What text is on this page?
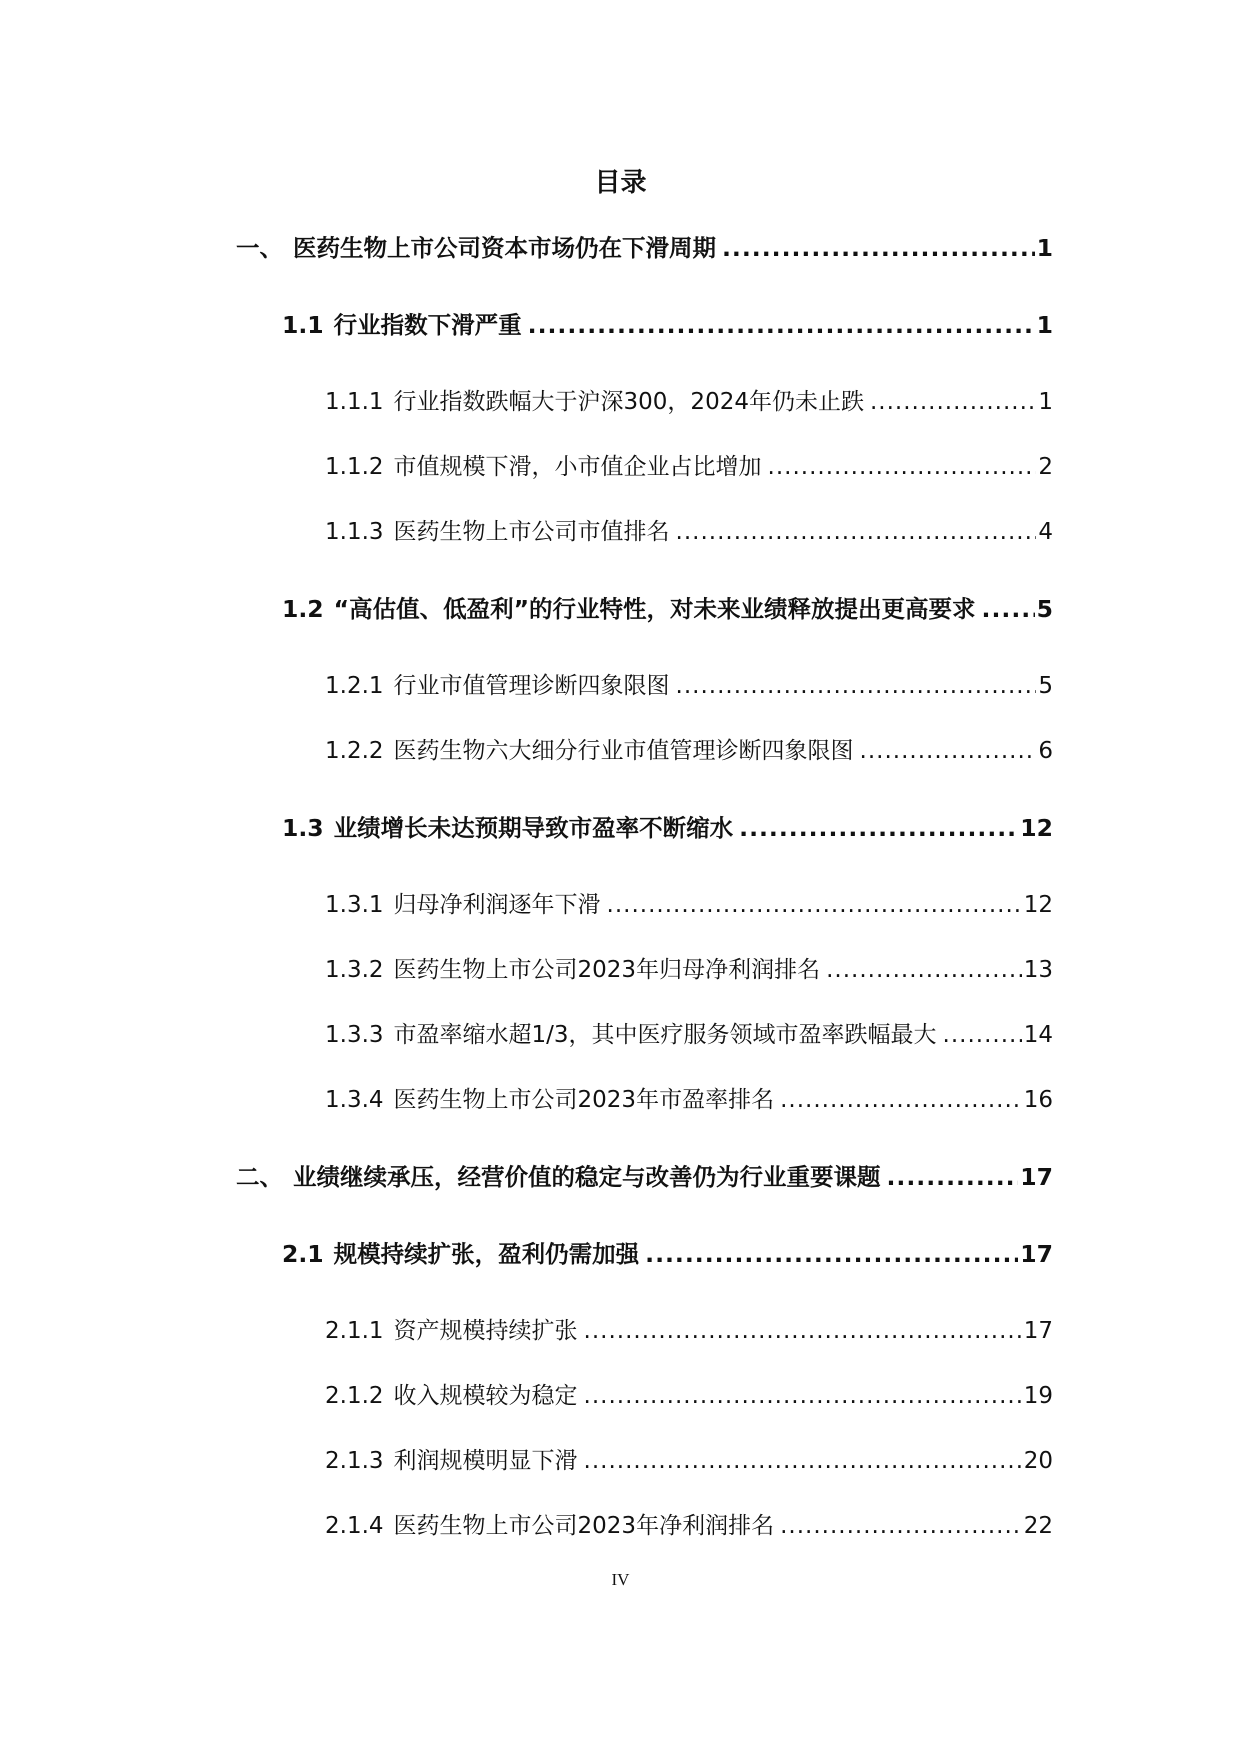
目录
一、 医药生物上市公司资本市场仍在下滑周期 .....	1
1.1 行业指数下滑严重 .....	1
1.1.1 行业指数跌幅大于沪深300，2024年仍未止跌 .....	1
1.1.2 市值规模下滑，小市值企业占比增加 .....	2
1.1.3 医药生物上市公司市值排名 .....	4
1.2 “高估值、低盈利”的行业特性，对未来业绩释放提出更高要求 .....	5
1.2.1 行业市值管理诊断四象限图 .....	5
1.2.2 医药生物六大细分行业市值管理诊断四象限图 .....	6
1.3 业绩增长未达预期导致市盈率不断缩水 .....	12
1.3.1 归母净利润逐年下滑 .....	12
1.3.2 医药生物上市公司2023年归母净利润排名 .....	13
1.3.3 市盈率缩水超1/3，其中医疗服务领域市盈率跌幅最大 .....	14
1.3.4 医药生物上市公司2023年市盈率排名 .....	16
二、 业绩继续承压，经营价值的稳定与改善仍为行业重要课题 .....	17
2.1 规模持续扩张，盈利仍需加强 .....	17
2.1.1 资产规模持续扩张 .....	17
2.1.2 收入规模较为稳定 .....	19
2.1.3 利润规模明显下滑 .....	20
2.1.4 医药生物上市公司2023年净利润排名 .....	22
IV
